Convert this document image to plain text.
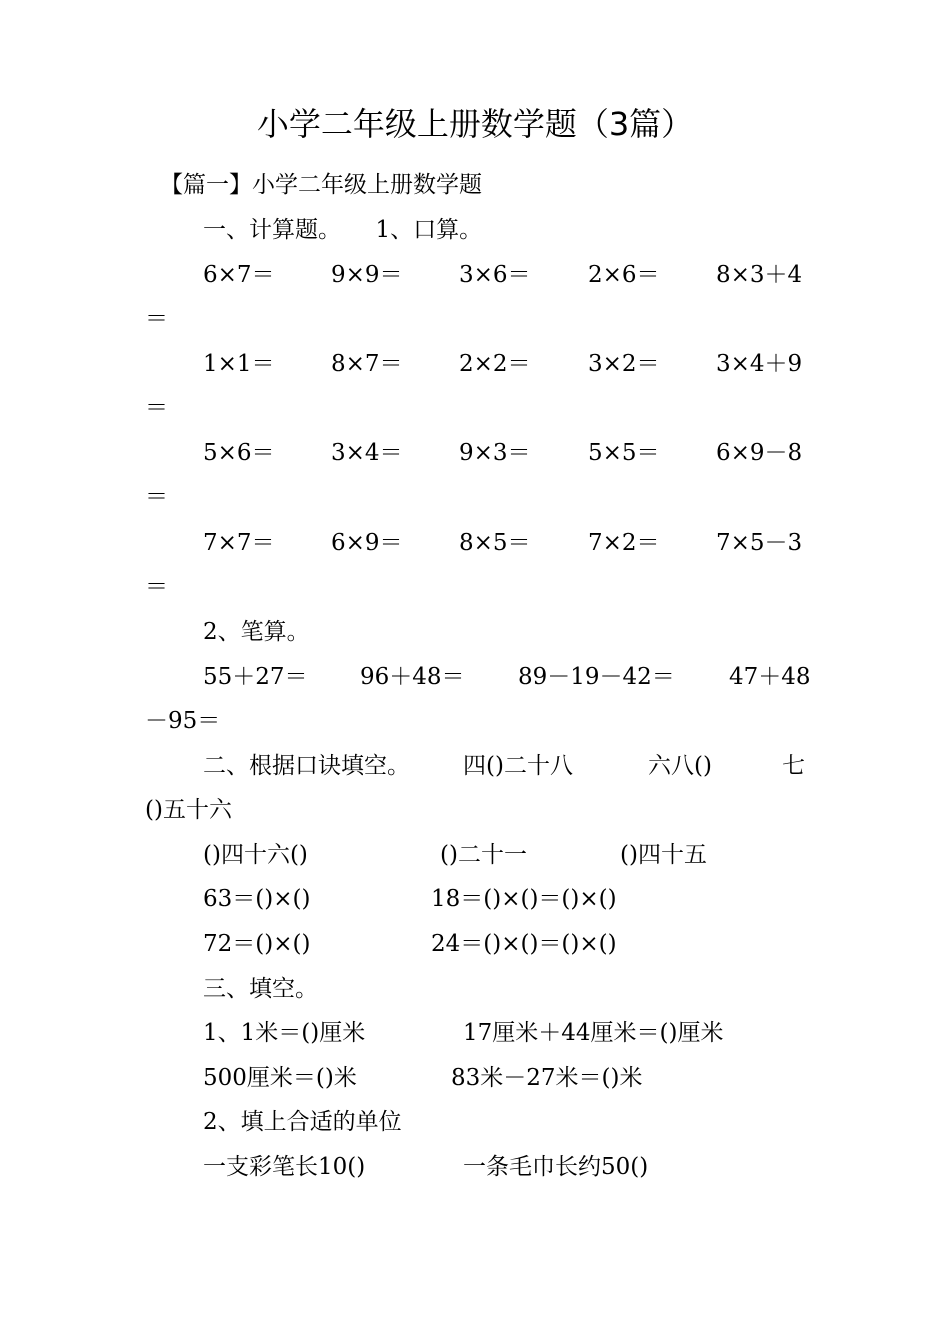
小学二年级上册数学题（3篇）
【篇一】小学二年级上册数学题
一、计算题。　　1、口算。
6×7＝ 9×9＝ 3×6＝ 2×6＝ 8×3＋4
＝
1×1＝ 8×7＝ 2×2＝ 3×2＝ 3×4＋9
＝
5×6＝ 3×4＝ 9×3＝ 5×5＝ 6×9－8
＝
7×7＝ 6×9＝ 8×5＝ 7×2＝ 7×5－3
＝
2、笔算。
55＋27＝ 96＋48＝ 89－19－42＝ 47＋48
－95＝
二、根据口诀填空。 四()二十八	六八()	七
()五十六
()四十六()	()二十一	()四十五
63＝()×()	18＝()×()＝()×()
72＝()×()	24＝()×()＝()×()
三、填空。
1、1米＝()厘米	17厘米＋44厘米＝()厘米
500厘米＝()米	83米－27米＝()米
2、填上合适的单位
一支彩笔长10()	一条毛巾长约50()
